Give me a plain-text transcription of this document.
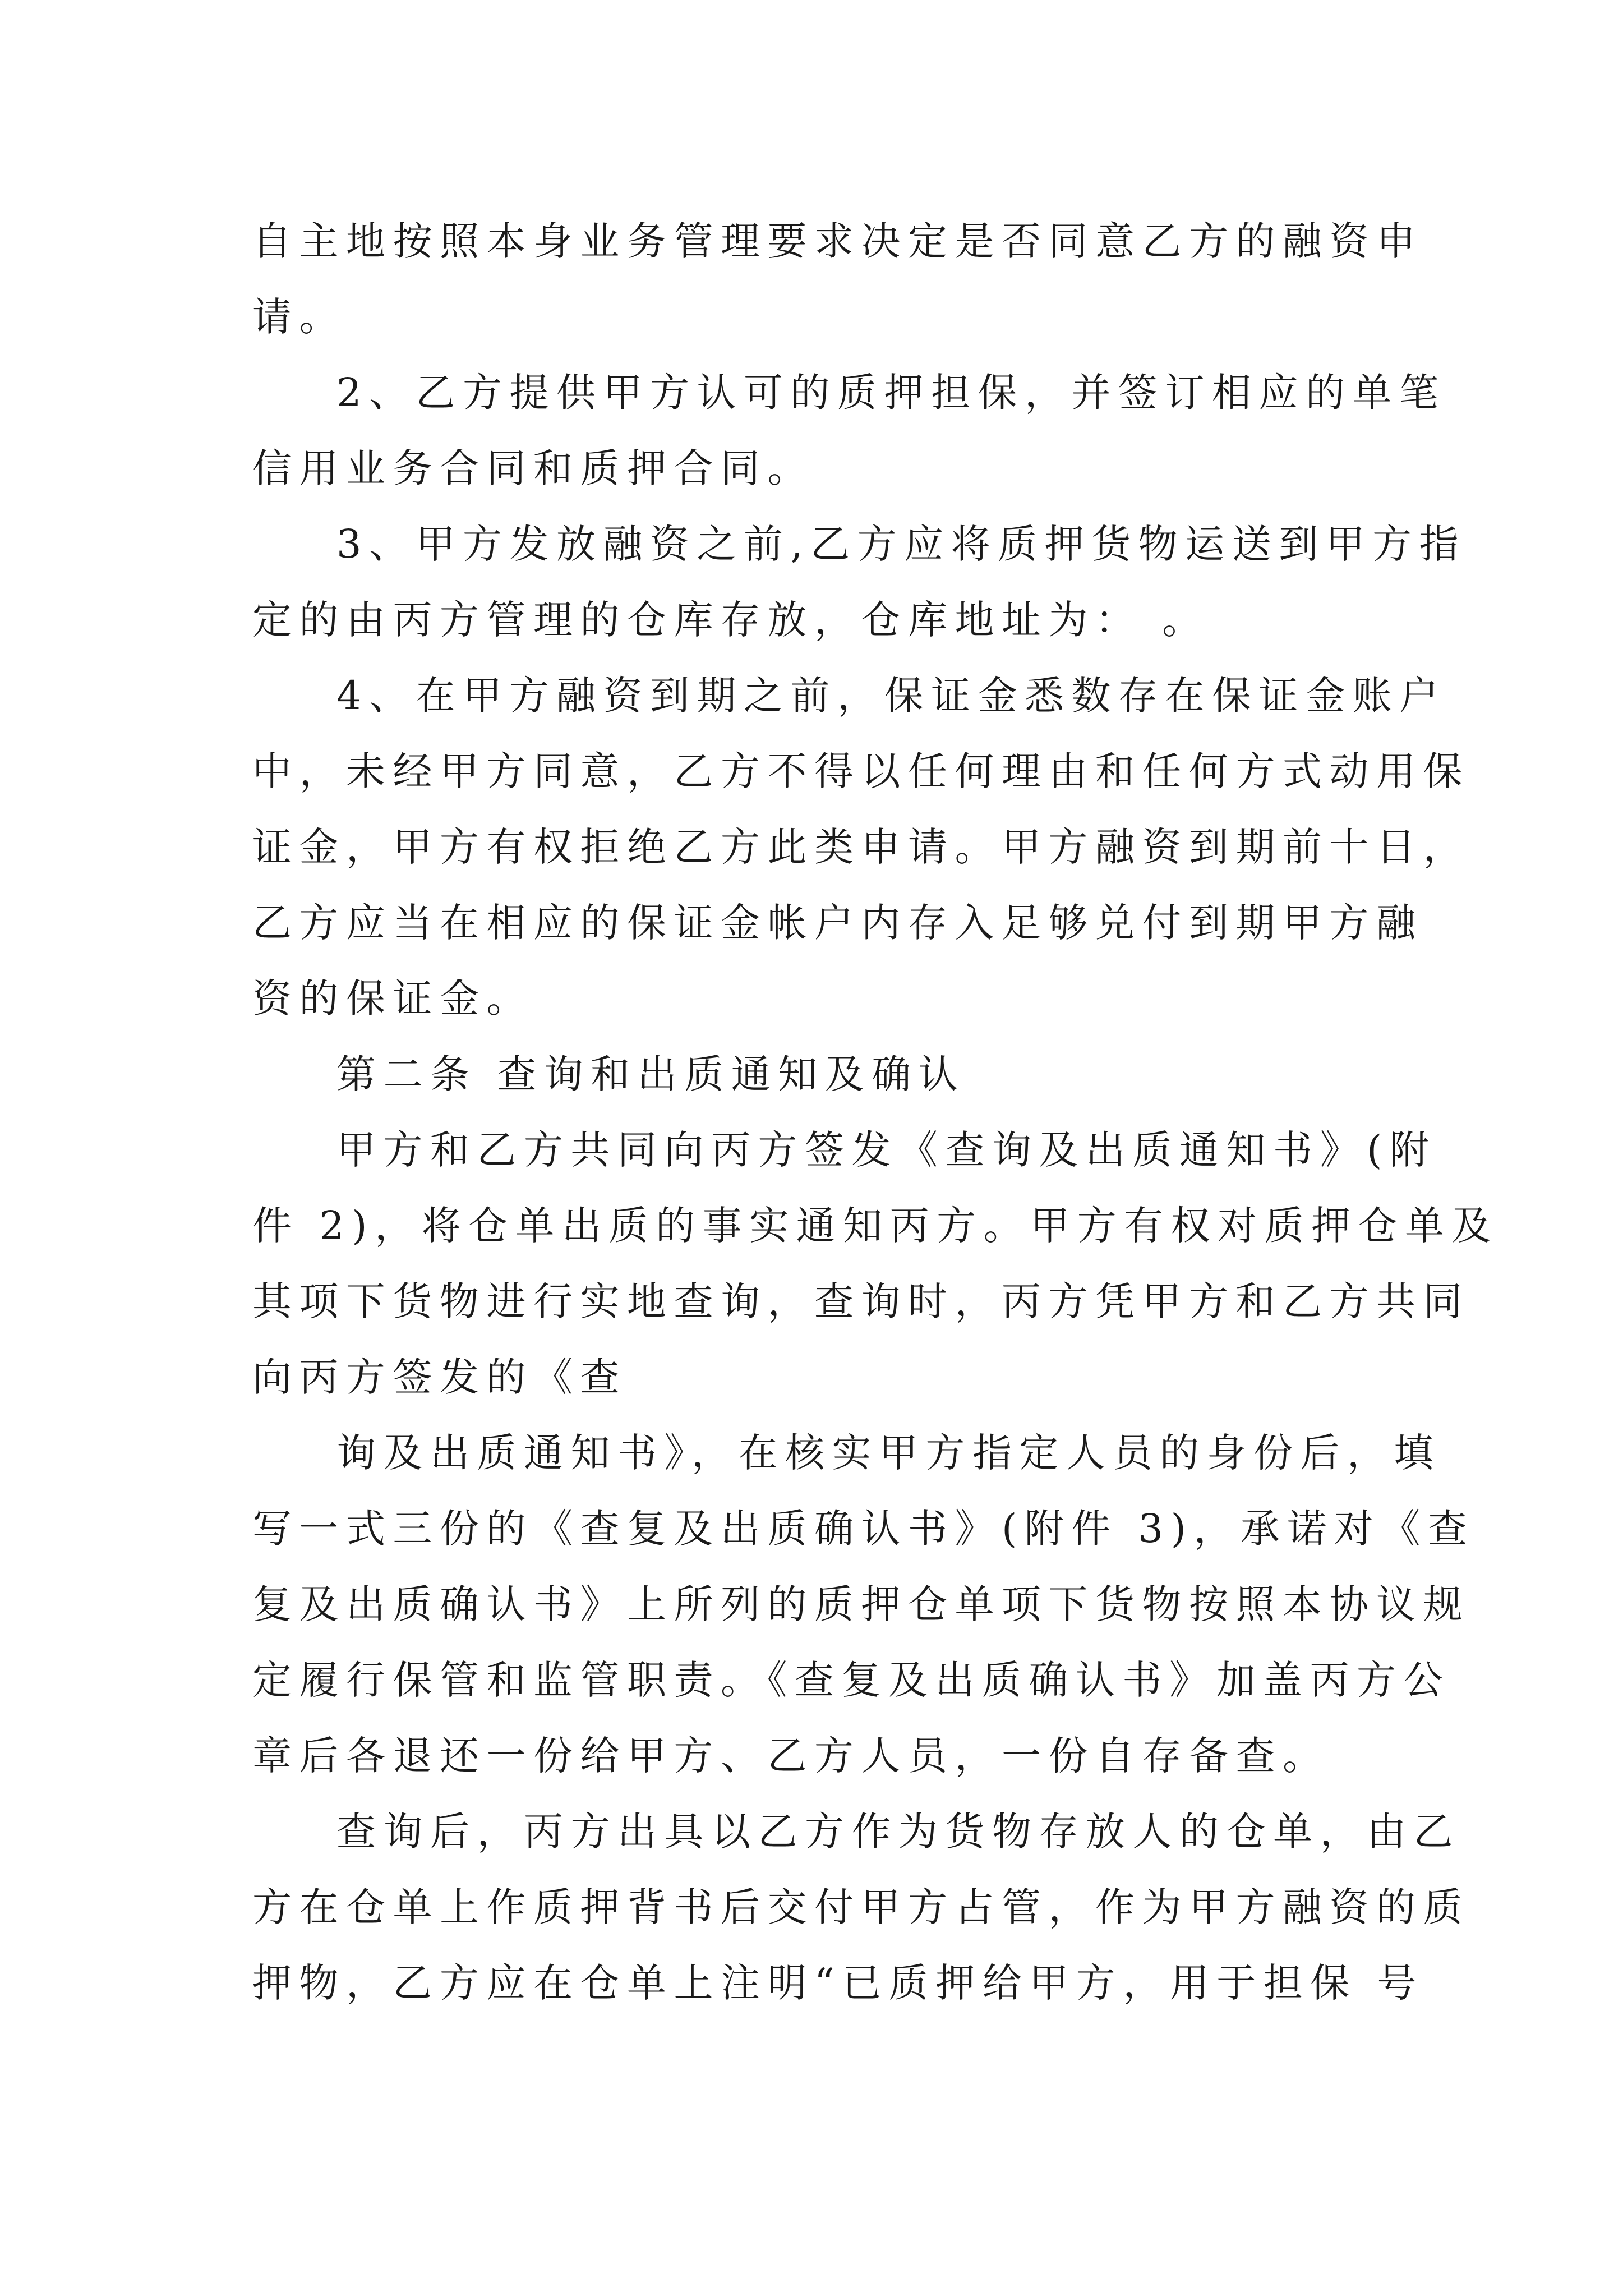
自主地按照本身业务管理要求决定是否同意乙方的融资申
请。
2、乙方提供甲方认可的质押担保，并签订相应的单笔
信用业务合同和质押合同。
3、甲方发放融资之前,乙方应将质押货物运送到甲方指
定的由丙方管理的仓库存放，仓库地址为： 。
4、在甲方融资到期之前，保证金悉数存在保证金账户
中，未经甲方同意，乙方不得以任何理由和任何方式动用保
证金，甲方有权拒绝乙方此类申请。甲方融资到期前十日，
乙方应当在相应的保证金帐户内存入足够兑付到期甲方融
资的保证金。
第二条 查询和出质通知及确认
甲方和乙方共同向丙方签发《查询及出质通知书》(附
件 2)，将仓单出质的事实通知丙方。甲方有权对质押仓单及
其项下货物进行实地查询，查询时，丙方凭甲方和乙方共同
向丙方签发的《查
询及出质通知书》，在核实甲方指定人员的身份后，填
写一式三份的《查复及出质确认书》(附件 3)，承诺对《查
复及出质确认书》上所列的质押仓单项下货物按照本协议规
定履行保管和监管职责。《查复及出质确认书》加盖丙方公
章后各退还一份给甲方、乙方人员，一份自存备查。
查询后，丙方出具以乙方作为货物存放人的仓单，由乙
方在仓单上作质押背书后交付甲方占管，作为甲方融资的质
押物，乙方应在仓单上注明“已质押给甲方，用于担保 号
